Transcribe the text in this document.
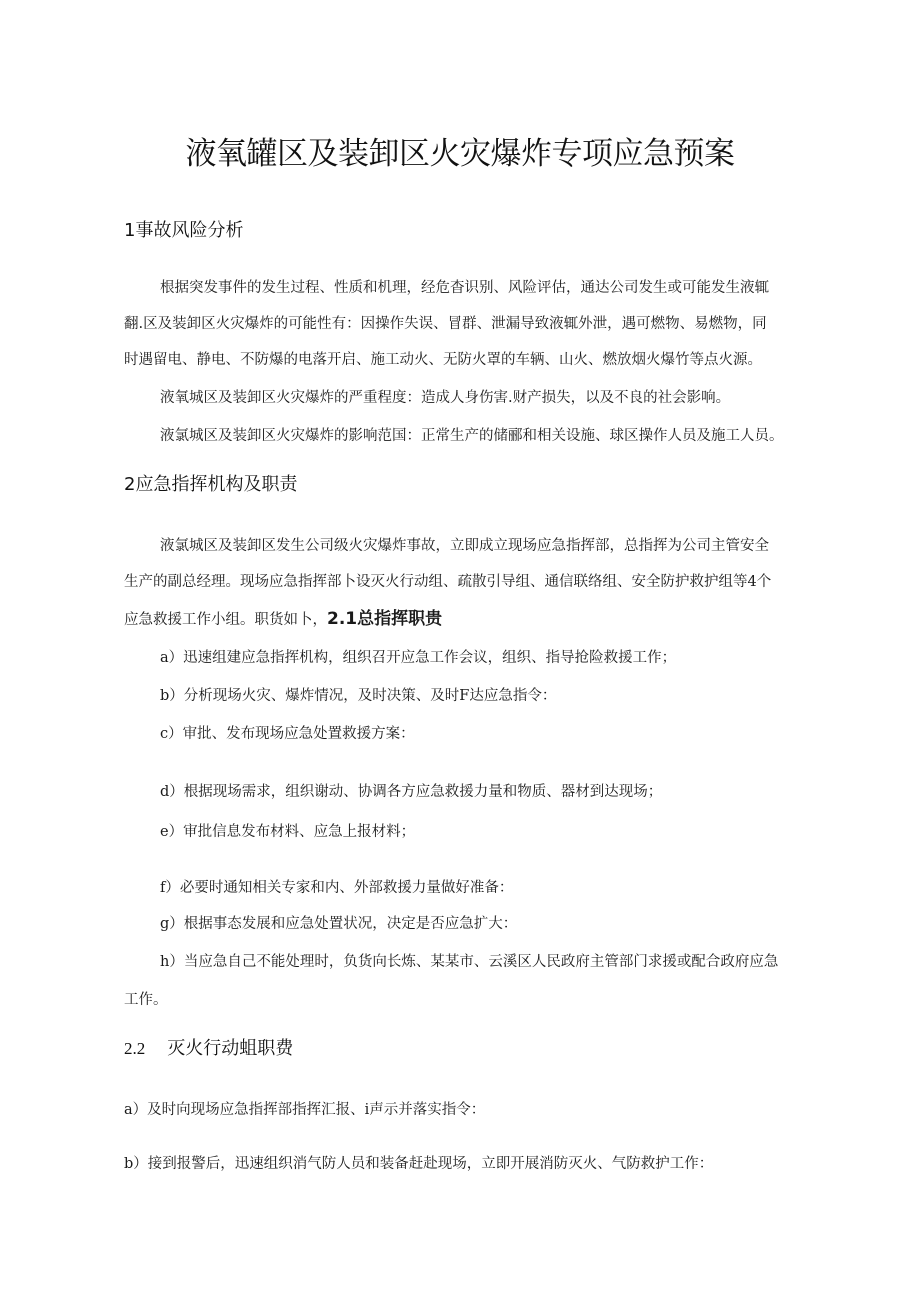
液氧罐区及装卸区火灾爆炸专项应急预案
1事故风险分析
根据突发事件的发生过程、性质和机理，经危杳识别、风险评估，通达公司发生或可能发生液辄
翻.区及装卸区火灾爆炸的可能性有：因操作失误、冒群、泄漏导致液辄外泄，遇可燃物、易燃物，同
时遇留电、静电、不防爆的电落开启、施工动火、无防火罩的车辆、山火、燃放烟火爆竹等点火源。
液氧城区及装卸区火灾爆炸的严重程度：造成人身伤害.财产损失，以及不良的社会影响。
液氯城区及装卸区火灾爆炸的影响范国：正常生产的储郦和相关设施、球区操作人员及施工人员。
2应急指挥机构及职责
液氯城区及装卸区发生公司级火灾爆炸事故，立即成立现场应急指挥部，总指挥为公司主管安全
生产的副总经理。现场应急指挥部卜设灭火行动组、疏散引导组、通信联络组、安全防护救护组等4个
应急救援工作小组。职货如卜，2.1总指挥职贵
a）迅速组建应急指挥机构，组织召开应急工作会议，组织、指导抢险救援工作；
b）分析现场火灾、爆炸情况，及时决策、及时F达应急指令：
c）审批、发布现场应急处置救援方案：
d）根据现场需求，组织谢动、协调各方应急救援力量和物质、器材到达现场；
e）审批信息发布材料、应急上报材料；
f）必要时通知相关专家和内、外部救援力量做好准备：
g）根据事态发展和应急处置状况，决定是否应急扩大：
h）当应急自己不能处理时，负货向长炼、某某市、云溪区人民政府主管部门求援或配合政府应急
工作。
2.2 灭火行动蛆职费
a）及时向现场应急指挥部指挥汇报、i声示并落实指令：
b）接到报警后，迅速组织消气防人员和装备赶赴现场，立即开展消防灭火、气防救护工作：
